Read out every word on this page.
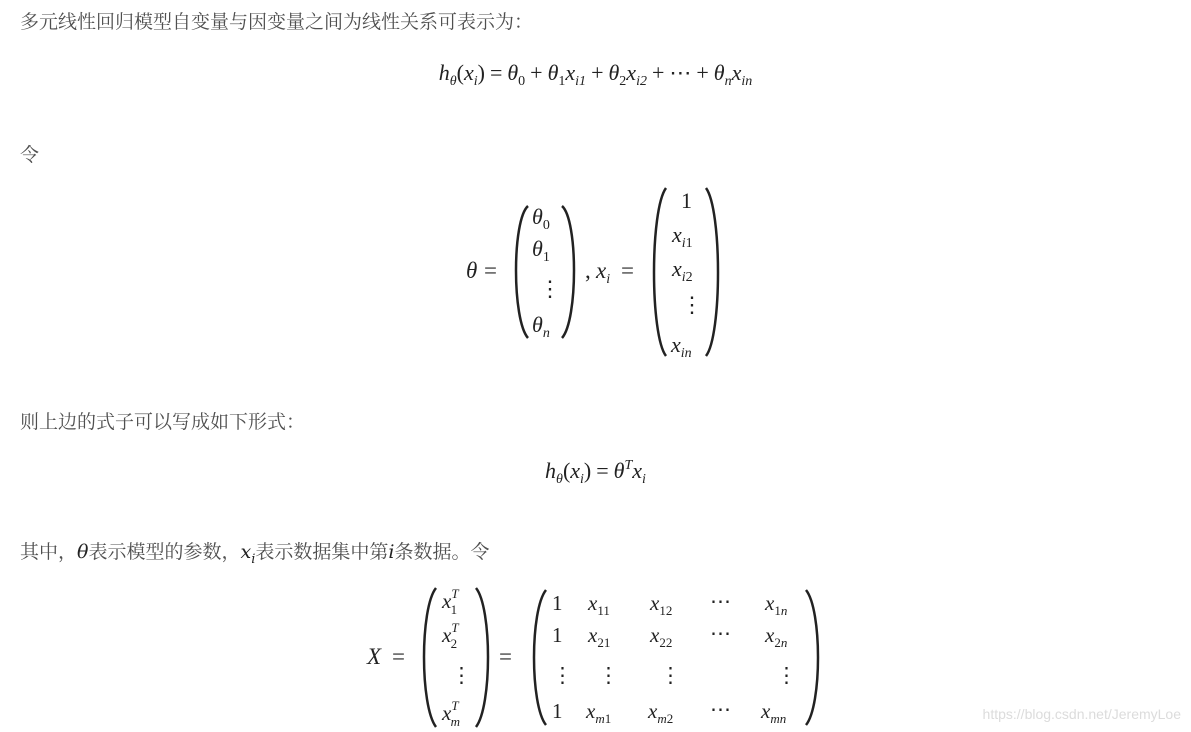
多元线性回归模型自变量与因变量之间为线性关系可表示为：
$h_\theta(x_i) = \theta_0 + \theta_1x_{i1} + \theta_2x_{i2}$ + ⋯ + $\theta_nx_{in}$
令
θ =
$\theta_0$
$\theta_1$
⋮
$\theta_n$
, $x_i$ =
1
$x_i1$
$x_i2$
⋮
$x_{in}$
X =
$x^T$ 1
$x^T$ 2
⋮
$x^T$ m
=
1 $x_{11}$ $x_{12}$ ⋯ $x_1n$
1 $x_{21}$ $x_{22}$ ⋯ $x_2n$
⋮ ⋮ ⋮	⋮
1 $x_m1$ $x_m2$ ⋯ $x_{mn}$
则上边的式子可以写成如下形式：
$h_\theta(x_i) = \theta^Tx_i$
其中，θ表示模型的参数，$x_i$表示数据集中第i条数据。令
https://blog.csdn.net/JeremyLoe
